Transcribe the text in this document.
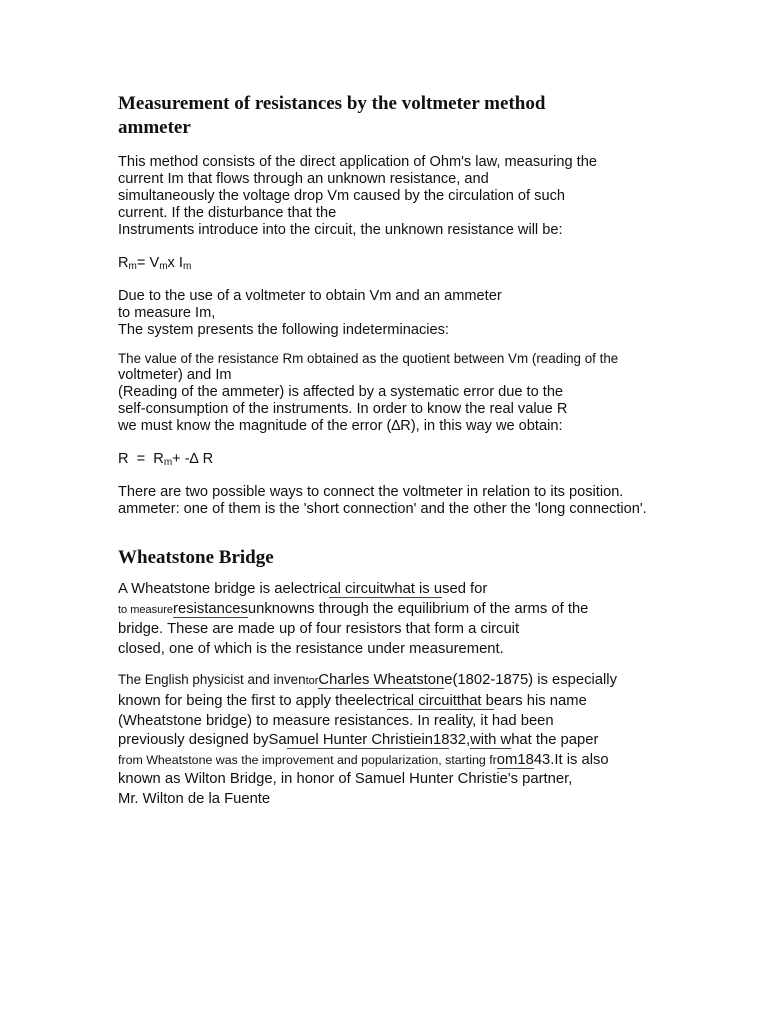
Measurement of resistances by the voltmeter method
ammeter

This method consists of the direct application of Ohm's law, measuring the
current Im that flows through an unknown resistance, and
simultaneously the voltage drop Vm caused by the circulation of such
current. If the disturbance that the
Instruments introduce into the circuit, the unknown resistance will be:

$R_m= V_mx$ $I_m$

Due to the use of a voltmeter to obtain Vm and an ammeter
to measure Im,
The system presents the following indeterminacies:

The value of the resistance Rm obtained as the quotient between Vm (reading of the
voltmeter) and Im
(Reading of the ammeter) is affected by a systematic error due to the
self-consumption of the instruments. In order to know the real value R
we must know the magnitude of the error (∆R), in this way we obtain:

$R = R_m+$ -∆ R

There are two possible ways to connect the voltmeter in relation to its position.
ammeter: one of them is the 'short connection' and the other the 'long connection'.

Wheatstone Bridge

A Wheatstone bridge is aelectrical circuitwhat is used for
to measureresistancesunknowns through the equilibrium of the arms of the
bridge. These are made up of four resistors that form a circuit
closed, one of which is the resistance under measurement.

The English physicist and inventorCharles Wheatstone(1802-1875) is especially
known for being the first to apply theelectrical circuitthat bears his name
(Wheatstone bridge) to measure resistances. In reality, it had been
previously designed bySamuel Hunter Christiein1832,with what the paper
from Wheatstone was the improvement and popularization, starting from1843.It is also
known as Wilton Bridge, in honor of Samuel Hunter Christie's partner,
Mr. Wilton de la Fuente
